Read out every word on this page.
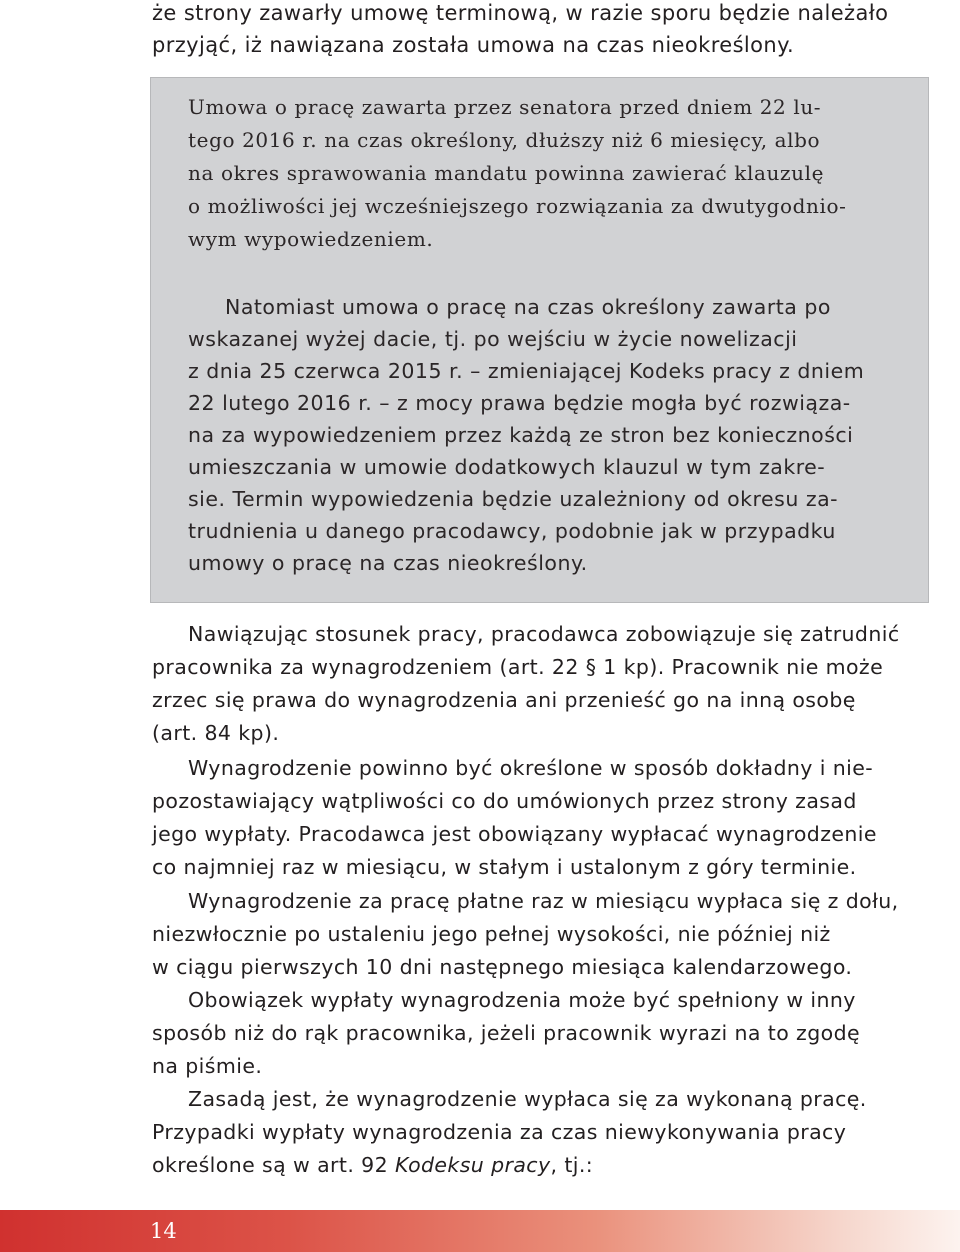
że strony zawarły umowę terminową, w razie sporu będzie należało

przyjąć, iż nawiązana została umowa na czas nieokreślony.

Umowa o pracę zawarta przez senatora przed dniem 22 lu-

tego 2016 r. na czas określony, dłuższy niż 6 miesięcy, albo

na okres sprawowania mandatu powinna zawierać klauzulę

o możliwości jej wcześniejszego rozwiązania za dwutygodnio-

wym wypowiedzeniem.

Natomiast umowa o pracę na czas określony zawarta po

wskazanej wyżej dacie, tj. po wejściu w życie nowelizacji

z dnia 25 czerwca 2015 r. – zmieniającej Kodeks pracy z dniem

22 lutego 2016 r. – z mocy prawa będzie mogła być rozwiąza-

na za wypowiedzeniem przez każdą ze stron bez konieczności

umieszczania w umowie dodatkowych klauzul w tym zakre-

sie. Termin wypowiedzenia będzie uzależniony od okresu za-

trudnienia u danego pracodawcy, podobnie jak w przypadku

umowy o pracę na czas nieokreślony.

Nawiązując stosunek pracy, pracodawca zobowiązuje się zatrudnić

pracownika za wynagrodzeniem (art. 22 § 1 kp). Pracownik nie może

zrzec się prawa do wynagrodzenia ani przenieść go na inną osobę

(art. 84 kp).

Wynagrodzenie powinno być określone w sposób dokładny i nie-

pozostawiający wątpliwości co do umówionych przez strony zasad

jego wypłaty. Pracodawca jest obowiązany wypłacać wynagrodzenie

co najmniej raz w miesiącu, w stałym i ustalonym z góry terminie.

Wynagrodzenie za pracę płatne raz w miesiącu wypłaca się z dołu,

niezwłocznie po ustaleniu jego pełnej wysokości, nie później niż

w ciągu pierwszych 10 dni następnego miesiąca kalendarzowego.

Obowiązek wypłaty wynagrodzenia może być spełniony w inny

sposób niż do rąk pracownika, jeżeli pracownik wyrazi na to zgodę

na piśmie.

Zasadą jest, że wynagrodzenie wypłaca się za wykonaną pracę.

Przypadki wypłaty wynagrodzenia za czas niewykonywania pracy

określone są w art. 92 Kodeksu pracy, tj.:

14
